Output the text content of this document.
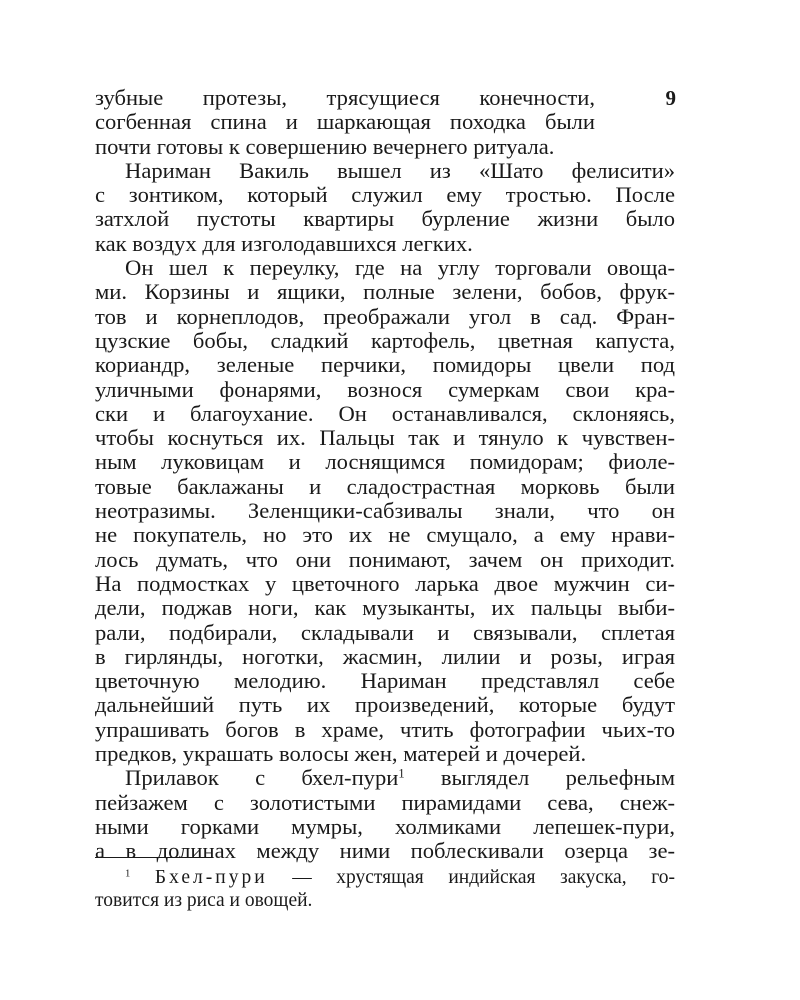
9
зубные протезы, трясущиеся конечности,
согбенная спина и шаркающая походка были
почти готовы к совершению вечернего ритуала.
Нариман Вакиль вышел из «Шато фелисити»
с зонтиком, который служил ему тростью. После
затхлой пустоты квартиры бурление жизни было
как воздух для изголодавшихся легких.
Он шел к переулку, где на углу торговали овоща-
ми. Корзины и ящики, полные зелени, бобов, фрук-
тов и корнеплодов, преображали угол в сад. Фран-
цузские бобы, сладкий картофель, цветная капуста,
кориандр, зеленые перчики, помидоры цвели под
уличными фонарями, вознося сумеркам свои кра-
ски и благоухание. Он останавливался, склоняясь,
чтобы коснуться их. Пальцы так и тянуло к чувствен-
ным луковицам и лоснящимся помидорам; фиоле-
товые баклажаны и сладострастная морковь были
неотразимы. Зеленщики-сабзивалы знали, что он
не покупатель, но это их не смущало, а ему нрави-
лось думать, что они понимают, зачем он приходит.
На подмостках у цветочного ларька двое мужчин си-
дели, поджав ноги, как музыканты, их пальцы выби-
рали, подбирали, складывали и связывали, сплетая
в гирлянды, ноготки, жасмин, лилии и розы, играя
цветочную мелодию. Нариман представлял себе
дальнейший путь их произведений, которые будут
упрашивать богов в храме, чтить фотографии чьих-то
предков, украшать волосы жен, матерей и дочерей.
Прилавок с бхел-пури$^1$ выглядел рельефным
пейзажем с золотистыми пирамидами сева, снеж-
ными горками мумры, холмиками лепешек-пури,
а в долинах между ними поблескивали озерца зе-
$^1$ Бхел-пури — хрустящая индийская закуска, го-
товится из риса и овощей.
